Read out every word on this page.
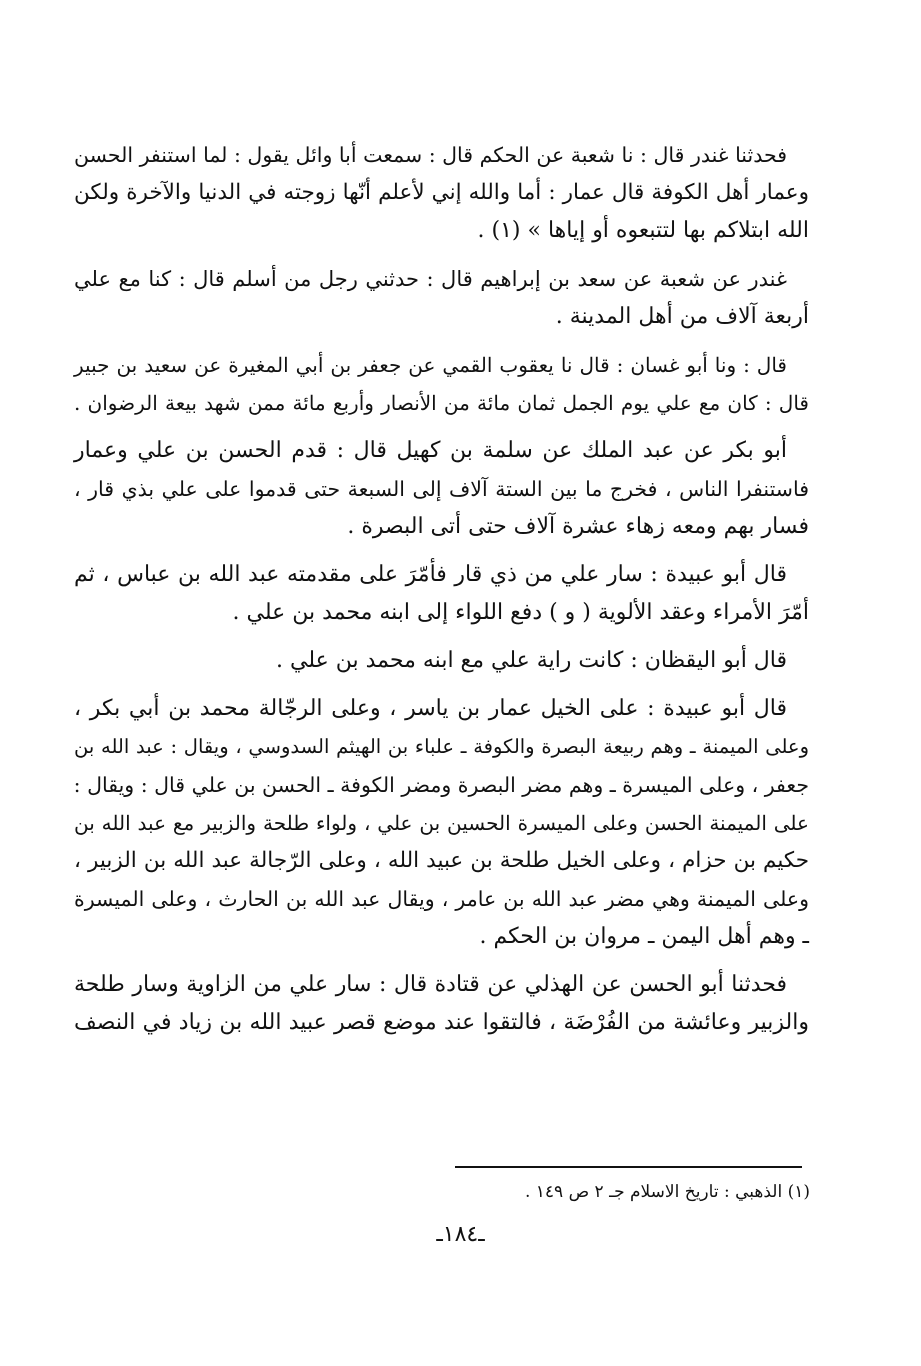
فحدثنا غندر قال : نا شعبة عن الحكم قال : سمعت أبا وائل يقول : لما استنفر الحسن
وعمار أهل الكوفة قال عمار : أما والله إني لأعلم أنّها زوجته في الدنيا والآخرة ولكن
الله ابتلاكم بها لتتبعوه أو إياها » (١) .

غندر عن شعبة عن سعد بن إبراهيم قال : حدثني رجل من أسلم قال : كنا مع علي
أربعة آلاف من أهل المدينة .

قال : ونا أبو غسان : قال نا يعقوب القمي عن جعفر بن أبي المغيرة عن سعيد بن جبير
قال : كان مع علي يوم الجمل ثمان مائة من الأنصار وأربع مائة ممن شهد بيعة الرضوان .

أبو بكر عن عبد الملك عن سلمة بن كهيل قال : قدم الحسن بن علي وعمار
فاستنفرا الناس ، فخرج ما بين الستة آلاف إلى السبعة حتى قدموا على علي بذي قار ،
فسار بهم ومعه زهاء عشرة آلاف حتى أتى البصرة .

قال أبو عبيدة : سار علي من ذي قار فأمّرَ على مقدمته عبد الله بن عباس ، ثم
أمّرَ الأمراء وعقد الألوية ( و ) دفع اللواء إلى ابنه محمد بن علي .

قال أبو اليقظان : كانت راية علي مع ابنه محمد بن علي .

قال أبو عبيدة : على الخيل عمار بن ياسر ، وعلى الرجّالة محمد بن أبي بكر ،
وعلى الميمنة ـ وهم ربيعة البصرة والكوفة ـ علباء بن الهيثم السدوسي ، ويقال : عبد الله بن
جعفر ، وعلى الميسرة ـ وهم مضر البصرة ومضر الكوفة ـ الحسن بن علي قال : ويقال :
على الميمنة الحسن وعلى الميسرة الحسين بن علي ، ولواء طلحة والزبير مع عبد الله بن
حكيم بن حزام ، وعلى الخيل طلحة بن عبيد الله ، وعلى الرّجالة عبد الله بن الزبير ،
وعلى الميمنة وهي مضر عبد الله بن عامر ، ويقال عبد الله بن الحارث ، وعلى الميسرة
ـ وهم أهل اليمن ـ مروان بن الحكم .

فحدثنا أبو الحسن عن الهذلي عن قتادة قال : سار علي من الزاوية وسار طلحة
والزبير وعائشة من الفُرْضَة ، فالتقوا عند موضع قصر عبيد الله بن زياد في النصف

(١) الذهبي : تاريخ الاسلام جـ ٢ ص ١٤٩ .
ـ١٨٤ـ
